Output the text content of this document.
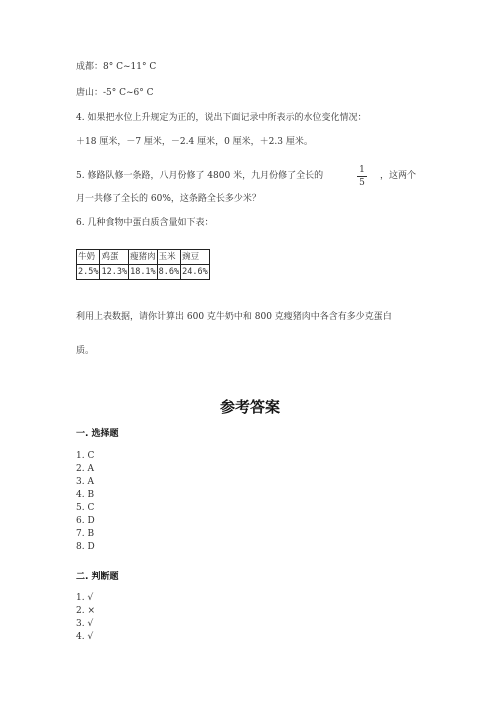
成都：8° C~11° C
唐山：-5° C~6° C
4. 如果把水位上升规定为正的，说出下面记录中所表示的水位变化情况：
＋18 厘米，－7 厘米，－2.4 厘米，0 厘米，＋2.3 厘米。
5. 修路队修一条路，八月份修了 4800 米，九月份修了全长的
1
5
，这两个
月一共修了全长的 60%，这条路全长多少米？
6. 几种食物中蛋白质含量如下表：
牛奶	鸡蛋	瘦猪肉	玉米	豌豆
2.5%	12.3%	18.1%	8.6%	24.6%
利用上表数据，请你计算出 600 克牛奶中和 800 克瘦猪肉中各含有多少克蛋白
质。
参考答案
一. 选择题
1. C
2. A
3. A
4. B
5. C
6. D
7. B
8. D
二. 判断题
1. √
2. ×
3. √
4. √
